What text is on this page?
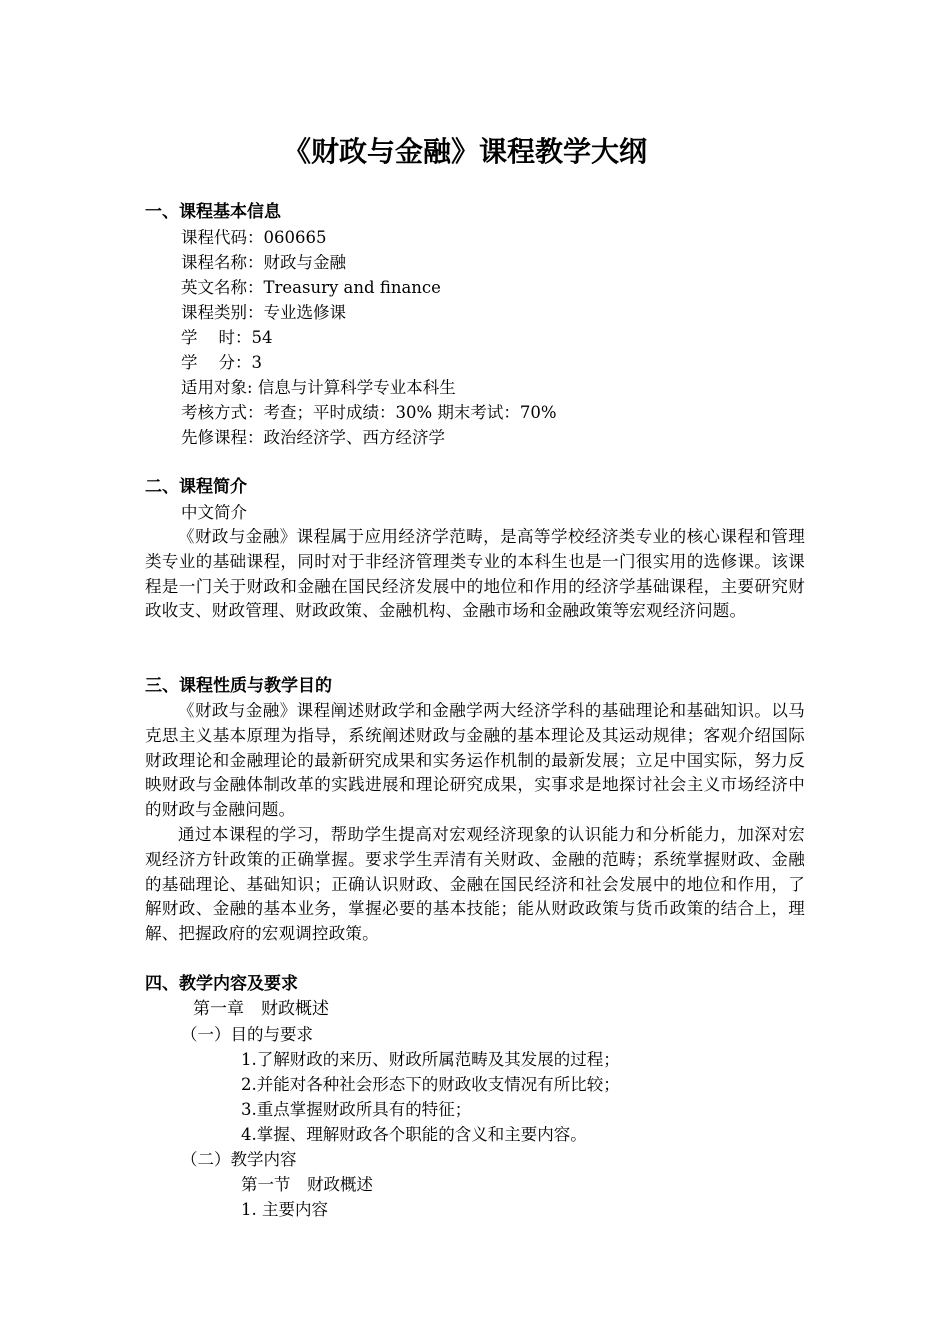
《财政与金融》课程教学大纲
一、课程基本信息
课程代码：060665
课程名称：财政与金融
英文名称：Treasury and finance
课程类别：专业选修课
学    时：54
学    分：3
适用对象: 信息与计算科学专业本科生
考核方式：考查；平时成绩：30% 期末考试：70%
先修课程：政治经济学、西方经济学
二、课程简介
中文简介
《财政与金融》课程属于应用经济学范畴，是高等学校经济类专业的核心课程和管理类专业的基础课程，同时对于非经济管理类专业的本科生也是一门很实用的选修课。该课程是一门关于财政和金融在国民经济发展中的地位和作用的经济学基础课程，主要研究财政收支、财政管理、财政政策、金融机构、金融市场和金融政策等宏观经济问题。
三、课程性质与教学目的
《财政与金融》课程阐述财政学和金融学两大经济学科的基础理论和基础知识。以马克思主义基本原理为指导，系统阐述财政与金融的基本理论及其运动规律；客观介绍国际财政理论和金融理论的最新研究成果和实务运作机制的最新发展；立足中国实际，努力反映财政与金融体制改革的实践进展和理论研究成果，实事求是地探讨社会主义市场经济中的财政与金融问题。
通过本课程的学习，帮助学生提高对宏观经济现象的认识能力和分析能力，加深对宏观经济方针政策的正确掌握。要求学生弄清有关财政、金融的范畴；系统掌握财政、金融的基础理论、基础知识；正确认识财政、金融在国民经济和社会发展中的地位和作用，了解财政、金融的基本业务，掌握必要的基本技能；能从财政政策与货币政策的结合上，理解、把握政府的宏观调控政策。
四、教学内容及要求
第一章　财政概述
（一）目的与要求
1.了解财政的来历、财政所属范畴及其发展的过程；
2.并能对各种社会形态下的财政收支情况有所比较；
3.重点掌握财政所具有的特征；
4.掌握、理解财政各个职能的含义和主要内容。
（二）教学内容
第一节　财政概述
1. 主要内容
